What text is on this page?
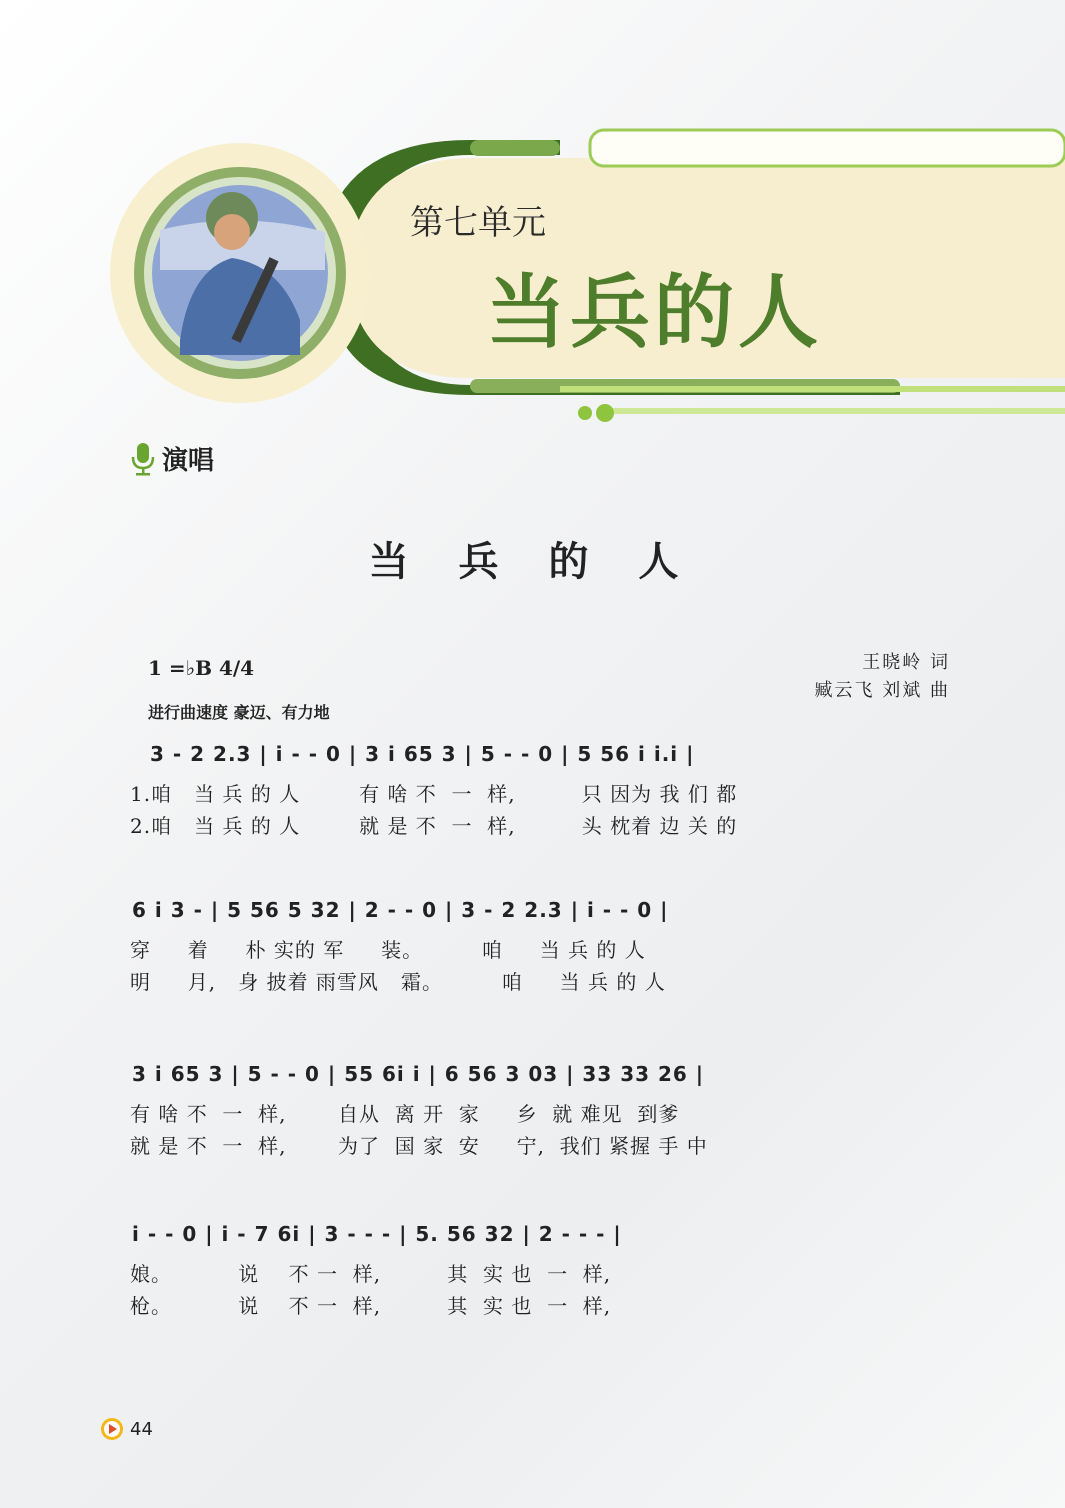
第七单元
当兵的人
演唱
当 兵 的 人
1 =♭B 4/4
进行曲速度 豪迈、有力地
王晓岭 词
臧云飞 刘斌 曲
3 - 2 2.3 | i - - 0 | 3 i 65 3 | 5 - - 0 | 5 56 i i.i |
1.咱   当 兵 的 人        有 啥 不  一  样,         只 因为 我 们 都
2.咱   当 兵 的 人        就 是 不  一  样,         头 枕着 边 关 的
6 i 3 - | 5 56 5 32 | 2 - - 0 | 3 - 2 2.3 | i - - 0 |
穿     着     朴 实的 军     装。        咱     当 兵 的 人
明     月,   身 披着 雨雪风   霜。        咱     当 兵 的 人
3 i 65 3 | 5 - - 0 | 55 6i i | 6 56 3 03 | 33 33 26 |
有 啥 不  一  样,       自从  离 开  家     乡  就 难见  到爹
就 是 不  一  样,       为了  国 家  安     宁,  我们 紧握 手 中
i - - 0 | i - 7 6i | 3 - - - | 5. 56 32 | 2 - - - |
娘。         说    不 一  样,         其  实 也  一  样,
枪。         说    不 一  样,         其  实 也  一  样,
44
